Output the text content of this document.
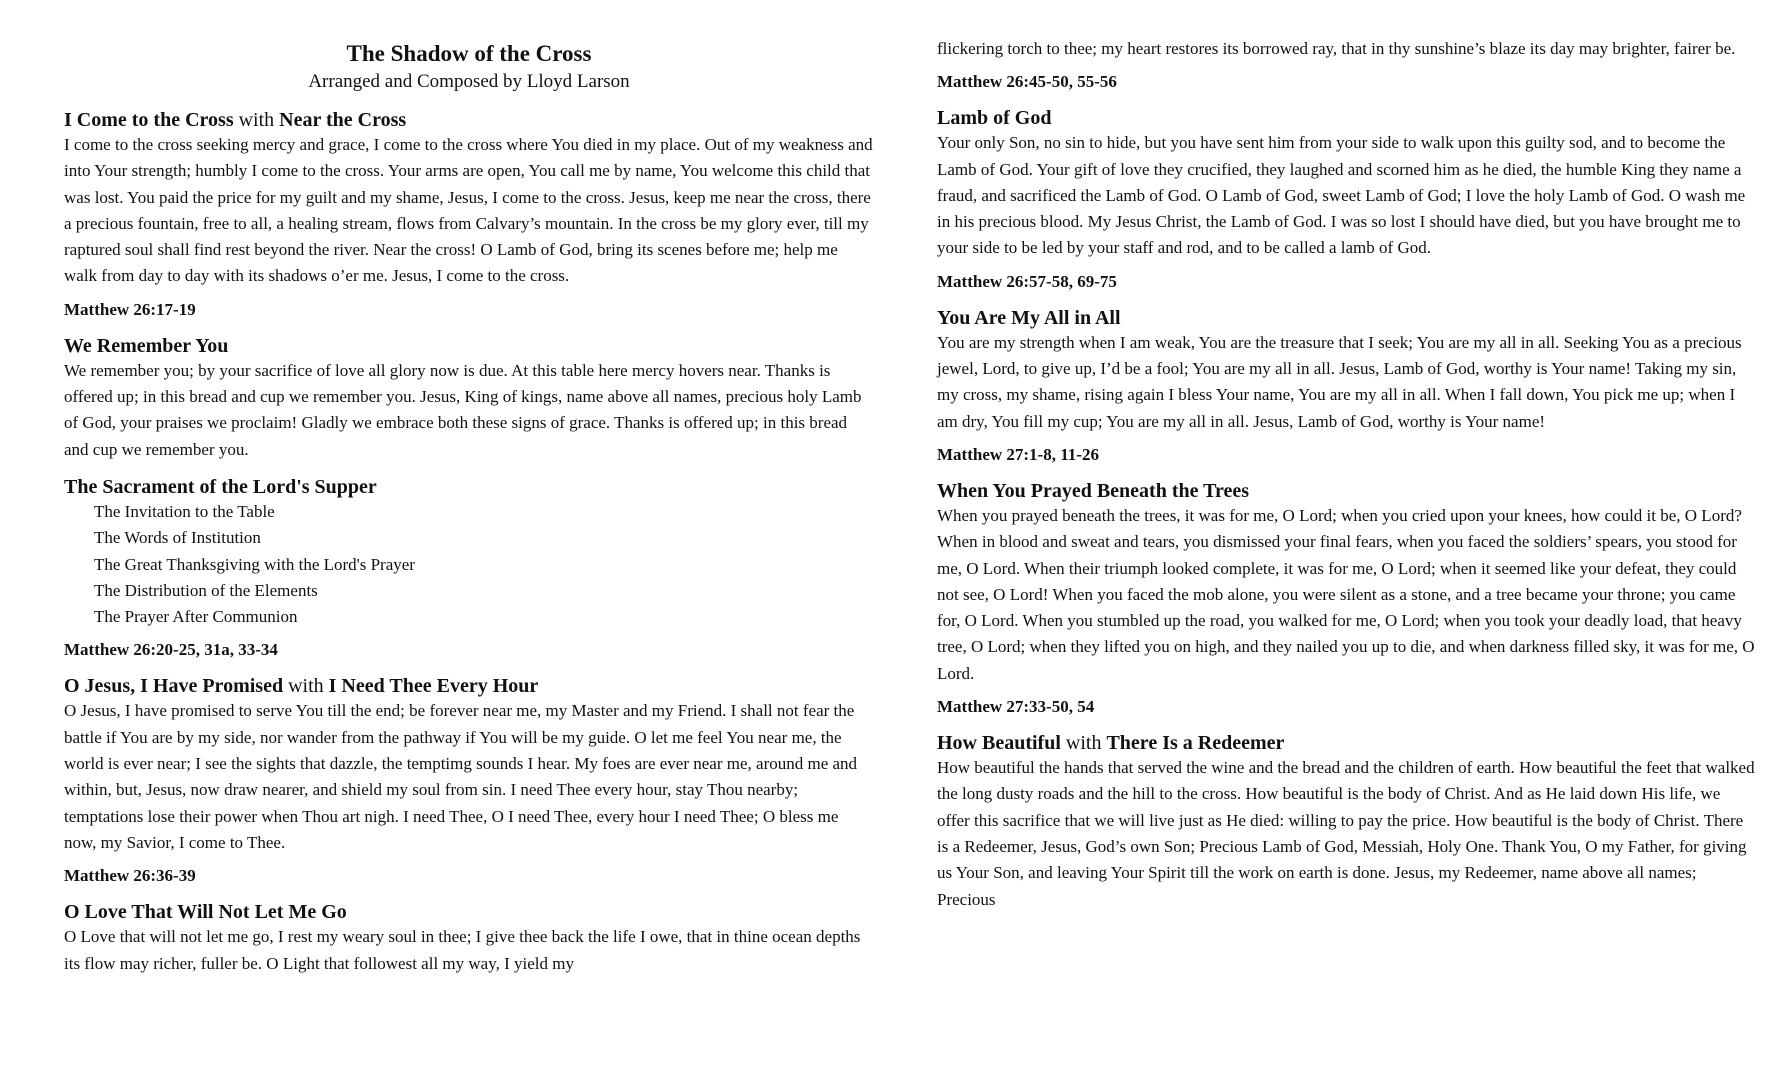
The Shadow of the Cross

Arranged and Composed by Lloyd Larson

I Come to the Cross with Near the Cross

I come to the cross seeking mercy and grace, I come to the cross where You died in my place. Out of my weakness and into Your strength; humbly I come to the cross. Your arms are open, You call me by name, You welcome this child that was lost. You paid the price for my guilt and my shame, Jesus, I come to the cross. Jesus, keep me near the cross, there a precious fountain, free to all, a healing stream, flows from Calvary’s mountain. In the cross be my glory ever, till my raptured soul shall find rest beyond the river. Near the cross! O Lamb of God, bring its scenes before me; help me walk from day to day with its shadows o’er me. Jesus, I come to the cross.

Matthew 26:17-19
We Remember You

We remember you; by your sacrifice of love all glory now is due. At this table here mercy hovers near. Thanks is offered up; in this bread and cup we remember you. Jesus, King of kings, name above all names, precious holy Lamb of God, your praises we proclaim! Gladly we embrace both these signs of grace. Thanks is offered up; in this bread and cup we remember you.

The Sacrament of the Lord's Supper
The Invitation to the Table
The Words of Institution
The Great Thanksgiving with the Lord's Prayer
The Distribution of the Elements
The Prayer After Communion
Matthew 26:20-25, 31a, 33-34
O Jesus, I Have Promised with I Need Thee Every Hour

O Jesus, I have promised to serve You till the end; be forever near me, my Master and my Friend. I shall not fear the battle if You are by my side, nor wander from the pathway if You will be my guide. O let me feel You near me, the world is ever near; I see the sights that dazzle, the temptimg sounds I hear. My foes are ever near me, around me and within, but, Jesus, now draw nearer, and shield my soul from sin. I need Thee every hour, stay Thou nearby; temptations lose their power when Thou art nigh. I need Thee, O I need Thee, every hour I need Thee; O bless me now, my Savior, I come to Thee.

Matthew 26:36-39
O Love That Will Not Let Me Go

O Love that will not let me go, I rest my weary soul in thee; I give thee back the life I owe, that in thine ocean depths its flow may richer, fuller be. O Light that followest all my way, I yield my

flickering torch to thee; my heart restores its borrowed ray, that in thy sunshine’s blaze its day may brighter, fairer be.

Matthew 26:45-50, 55-56
Lamb of God

Your only Son, no sin to hide, but you have sent him from your side to walk upon this guilty sod, and to become the Lamb of God. Your gift of love they crucified, they laughed and scorned him as he died, the humble King they name a fraud, and sacrificed the Lamb of God. O Lamb of God, sweet Lamb of God; I love the holy Lamb of God. O wash me in his precious blood. My Jesus Christ, the Lamb of God. I was so lost I should have died, but you have brought me to your side to be led by your staff and rod, and to be called a lamb of God.

Matthew 26:57-58, 69-75
You Are My All in All

You are my strength when I am weak, You are the treasure that I seek; You are my all in all. Seeking You as a precious jewel, Lord, to give up, I’d be a fool; You are my all in all. Jesus, Lamb of God, worthy is Your name! Taking my sin, my cross, my shame, rising again I bless Your name, You are my all in all. When I fall down, You pick me up; when I am dry, You fill my cup; You are my all in all. Jesus, Lamb of God, worthy is Your name!

Matthew 27:1-8, 11-26
When You Prayed Beneath the Trees

When you prayed beneath the trees, it was for me, O Lord; when you cried upon your knees, how could it be, O Lord? When in blood and sweat and tears, you dismissed your final fears, when you faced the soldiers’ spears, you stood for me, O Lord. When their triumph looked complete, it was for me, O Lord; when it seemed like your defeat, they could not see, O Lord! When you faced the mob alone, you were silent as a stone, and a tree became your throne; you came for, O Lord. When you stumbled up the road, you walked for me, O Lord; when you took your deadly load, that heavy tree, O Lord; when they lifted you on high, and they nailed you up to die, and when darkness filled sky, it was for me, O Lord.

Matthew 27:33-50, 54
How Beautiful with There Is a Redeemer

How beautiful the hands that served the wine and the bread and the children of earth. How beautiful the feet that walked the long dusty roads and the hill to the cross. How beautiful is the body of Christ. And as He laid down His life, we offer this sacrifice that we will live just as He died: willing to pay the price. How beautiful is the body of Christ. There is a Redeemer, Jesus, God’s own Son; Precious Lamb of God, Messiah, Holy One. Thank You, O my Father, for giving us Your Son, and leaving Your Spirit till the work on earth is done. Jesus, my Redeemer, name above all names; Precious
